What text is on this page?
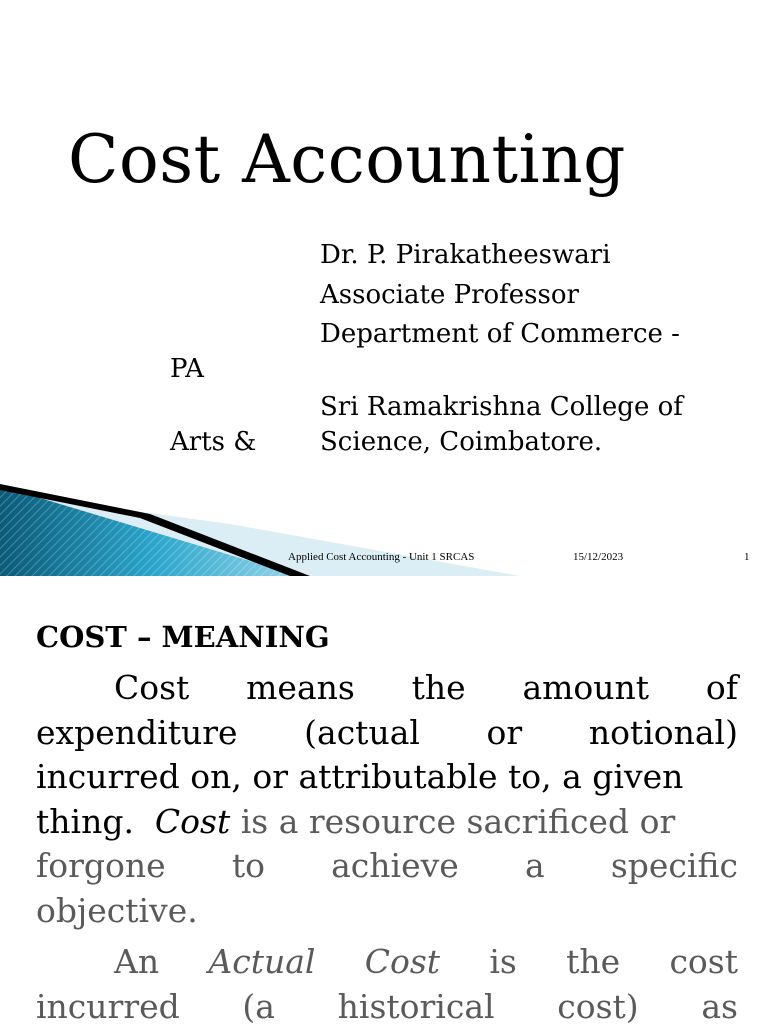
Cost Accounting
Dr. P. Pirakatheeswari
Associate Professor
Department of Commerce -
PA
Sri Ramakrishna College of
Arts & Science, Coimbatore.
Applied Cost Accounting - Unit 1 SRCAS	15/12/2023	1
COST – MEANING
Cost means the amount of
expenditure (actual or notional)
incurred on, or attributable to, a given
thing. Cost is a resource sacrificed or
forgone to achieve a specific
objective.
An Actual Cost is the cost
incurred (a historical cost) as
